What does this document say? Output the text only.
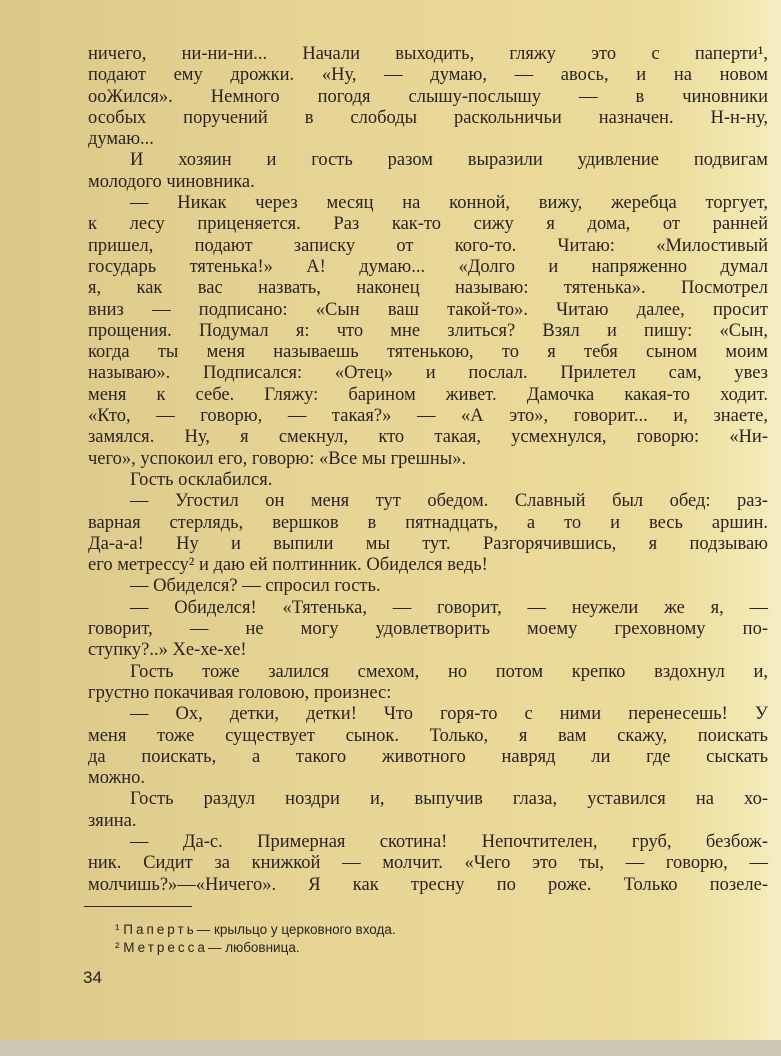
ничего, ни-ни-ни... Начали выходить, гляжу это с паперти¹,
подают ему дрожки. «Ну, — думаю, — авось, и на новом
ооЖился». Немного погодя слышу-послышу — в чиновники
особых поручений в слободы раскольничьи назначен. Н-н-ну,
думаю...
И хозяин и гость разом выразили удивление подвигам
молодого чиновника.
— Никак через месяц на конной, вижу, жеребца торгует,
к лесу приценяется. Раз как-то сижу я дома, от ранней
пришел, подают записку от кого-то. Читаю: «Милостивый
государь тятенька!» А! думаю... «Долго и напряженно думал
я, как вас назвать, наконец называю: тятенька». Посмотрел
вниз — подписано: «Сын ваш такой-то». Читаю далее, просит
прощения. Подумал я: что мне злиться? Взял и пишу: «Сын,
когда ты меня называешь тятенькою, то я тебя сыном моим
называю». Подписался: «Отец» и послал. Прилетел сам, увез
меня к себе. Гляжу: барином живет. Дамочка какая-то ходит.
«Кто, — говорю, — такая?» — «А это», говорит... и, знаете,
замялся. Ну, я смекнул, кто такая, усмехнулся, говорю: «Ни-
чего», успокоил его, говорю: «Все мы грешны».
Гость осклабился.
— Угостил он меня тут обедом. Славный был обед: раз-
варная стерлядь, вершков в пятнадцать, а то и весь аршин.
Да-а-а! Ну и выпили мы тут. Разгорячившись, я подзываю
его метрессу² и даю ей полтинник. Обиделся ведь!
— Обиделся? — спросил гость.
— Обиделся! «Тятенька, — говорит, — неужели же я, —
говорит, — не могу удовлетворить моему греховному по-
ступку?..» Хе-хе-хе!
Гость тоже залился смехом, но потом крепко вздохнул и,
грустно покачивая головою, произнес:
— Ох, детки, детки! Что горя-то с ними перенесешь! У
меня тоже существует сынок. Только, я вам скажу, поискать
да поискать, а такого животного навряд ли где сыскать
можно.
Гость раздул ноздри и, выпучив глаза, уставился на хо-
зяина.
— Да-с. Примерная скотина! Непочтителен, груб, безбож-
ник. Сидит за книжкой — молчит. «Чего это ты, — говорю, —
молчишь?»—«Ничего». Я как тресну по роже. Только позеле-
¹ Паперть— крыльцо у церковного входа.
² Метресса— любовница.
34
